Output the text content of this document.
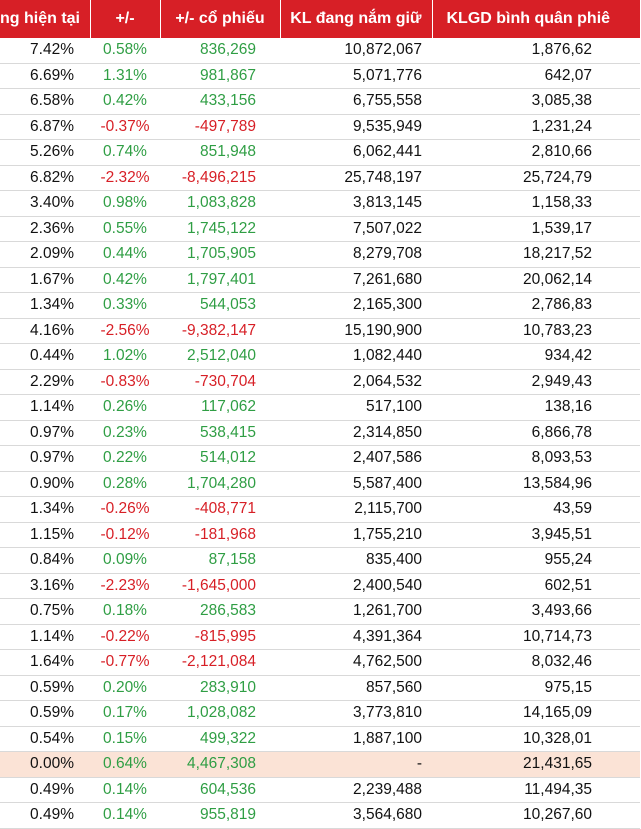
ng hiện tại	+/-	+/- cổ phiếu	KL đang nắm giữ	KLGD bình quân phiê
7.42%	0.58%	836,269	10,872,067	1,876,62
6.69%	1.31%	981,867	5,071,776	642,07
6.58%	0.42%	433,156	6,755,558	3,085,38
6.87%	-0.37%	-497,789	9,535,949	1,231,24
5.26%	0.74%	851,948	6,062,441	2,810,66
6.82%	-2.32%	-8,496,215	25,748,197	25,724,79
3.40%	0.98%	1,083,828	3,813,145	1,158,33
2.36%	0.55%	1,745,122	7,507,022	1,539,17
2.09%	0.44%	1,705,905	8,279,708	18,217,52
1.67%	0.42%	1,797,401	7,261,680	20,062,14
1.34%	0.33%	544,053	2,165,300	2,786,83
4.16%	-2.56%	-9,382,147	15,190,900	10,783,23
0.44%	1.02%	2,512,040	1,082,440	934,42
2.29%	-0.83%	-730,704	2,064,532	2,949,43
1.14%	0.26%	117,062	517,100	138,16
0.97%	0.23%	538,415	2,314,850	6,866,78
0.97%	0.22%	514,012	2,407,586	8,093,53
0.90%	0.28%	1,704,280	5,587,400	13,584,96
1.34%	-0.26%	-408,771	2,115,700	43,59
1.15%	-0.12%	-181,968	1,755,210	3,945,51
0.84%	0.09%	87,158	835,400	955,24
3.16%	-2.23%	-1,645,000	2,400,540	602,51
0.75%	0.18%	286,583	1,261,700	3,493,66
1.14%	-0.22%	-815,995	4,391,364	10,714,73
1.64%	-0.77%	-2,121,084	4,762,500	8,032,46
0.59%	0.20%	283,910	857,560	975,15
0.59%	0.17%	1,028,082	3,773,810	14,165,09
0.54%	0.15%	499,322	1,887,100	10,328,01
0.00%	0.64%	4,467,308	-	21,431,65
0.49%	0.14%	604,536	2,239,488	11,494,35
0.49%	0.14%	955,819	3,564,680	10,267,60
